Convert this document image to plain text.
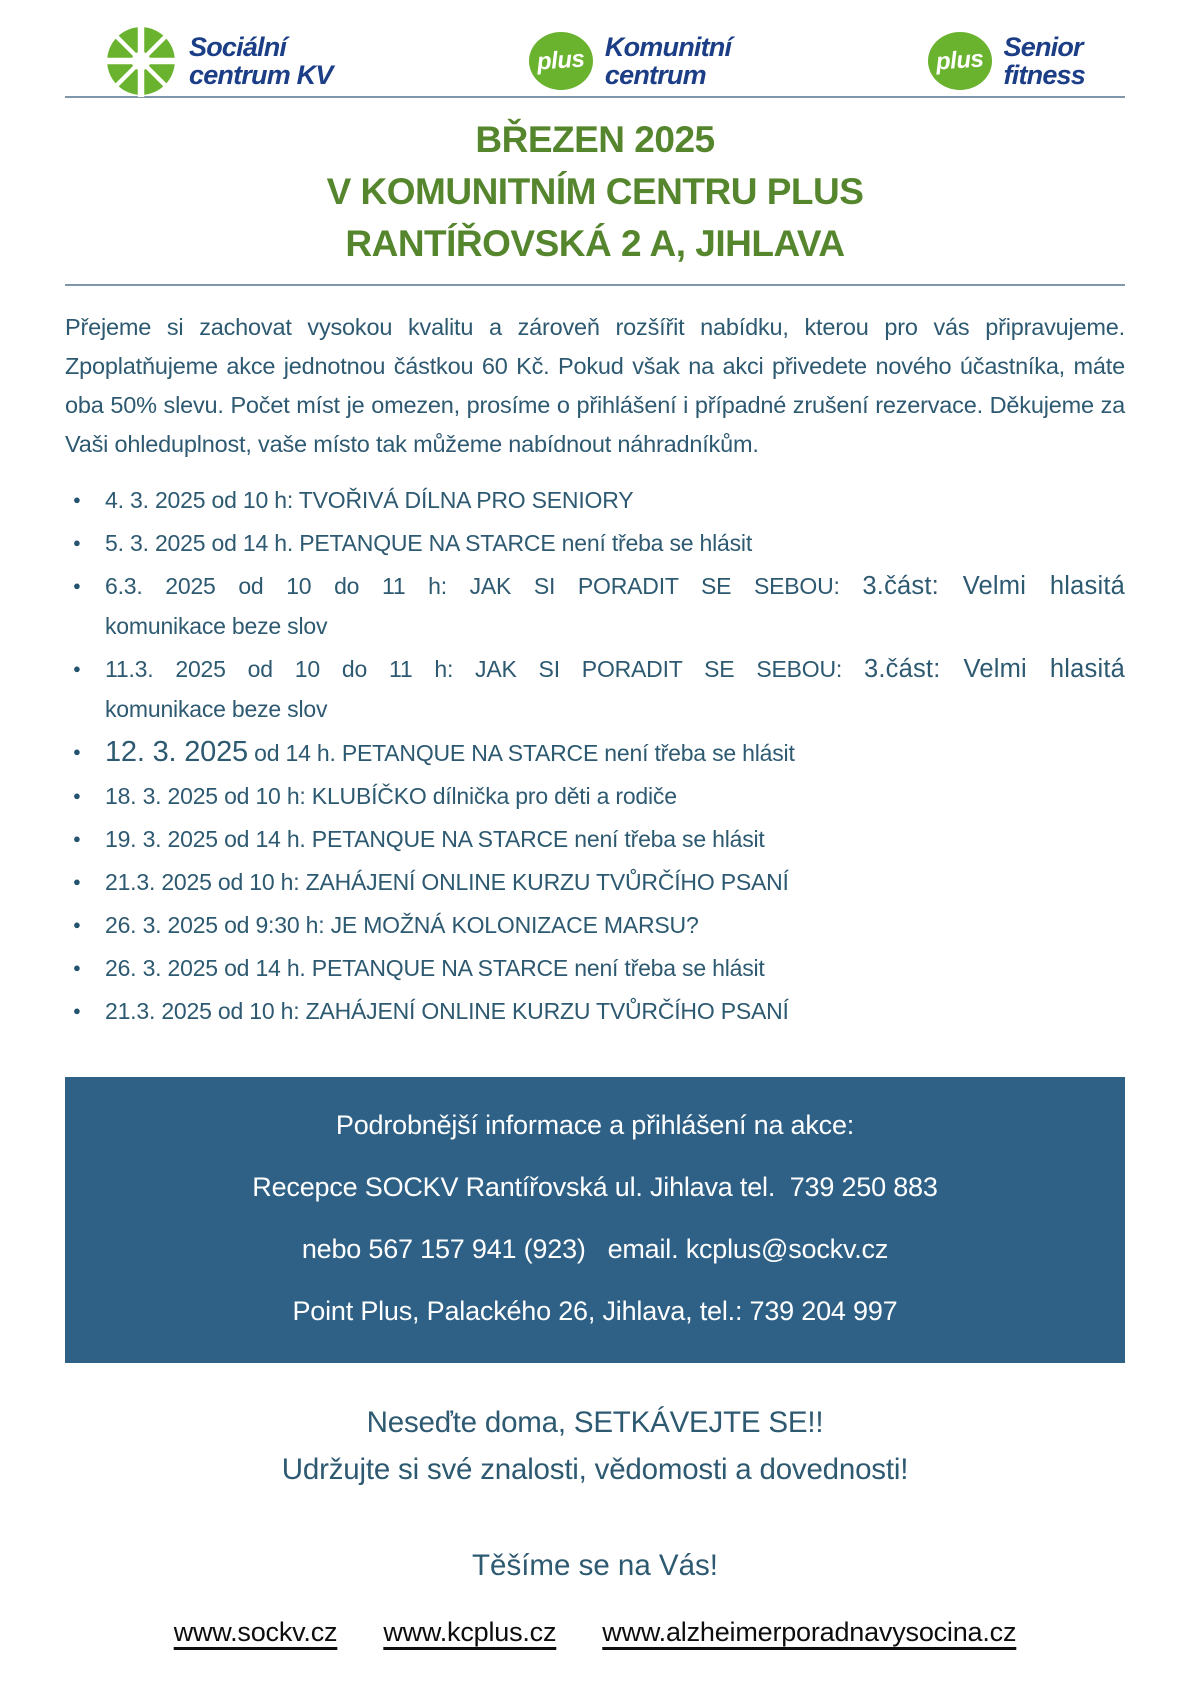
Sociální
centrum KV	plus Komunitní
centrum	plus Senior
fitness
BŘEZEN 2025
V KOMUNITNÍM CENTRU PLUS
RANTÍŘOVSKÁ 2 A, JIHLAVA

Přejeme si zachovat vysokou kvalitu a zároveň rozšířit nabídku, kterou pro vás připravujeme. Zpoplatňujeme akce jednotnou částkou 60 Kč. Pokud však na akci přivedete nového účastníka, máte oba 50% slevu. Počet míst je omezen, prosíme o přihlášení i případné zrušení rezervace. Děkujeme za Vaši ohleduplnost, vaše místo tak můžeme nabídnout náhradníkům.

● 4. 3. 2025 od 10 h: TVOŘIVÁ DÍLNA PRO SENIORY
● 5. 3. 2025 od 14 h. PETANQUE NA STARCE není třeba se hlásit
● 6.3. 2025 od 10 do 11 h: JAK SI PORADIT SE SEBOU: 3.část: Velmi hlasitá
komunikace beze slov
● 11.3. 2025 od 10 do 11 h: JAK SI PORADIT SE SEBOU: 3.část: Velmi hlasitá
komunikace beze slov
● 12. 3. 2025 od 14 h. PETANQUE NA STARCE není třeba se hlásit
● 18. 3. 2025 od 10 h: KLUBÍČKO dílnička pro děti a rodiče
● 19. 3. 2025 od 14 h. PETANQUE NA STARCE není třeba se hlásit
● 21.3. 2025 od 10 h: ZAHÁJENÍ ONLINE KURZU TVŮRČÍHO PSANÍ
● 26. 3. 2025 od 9:30 h: JE MOŽNÁ KOLONIZACE MARSU?
● 26. 3. 2025 od 14 h. PETANQUE NA STARCE není třeba se hlásit
● 21.3. 2025 od 10 h: ZAHÁJENÍ ONLINE KURZU TVŮRČÍHO PSANÍ
Podrobnější informace a přihlášení na akce:
Recepce SOCKV Rantířovská ul. Jihlava tel.  739 250 883
nebo 567 157 941 (923)   email. kcplus@sockv.cz
Point Plus, Palackého 26, Jihlava, tel.: 739 204 997
Neseďte doma, SETKÁVEJTE SE!!
Udržujte si své znalosti, vědomosti a dovednosti!
Těšíme se na Vás!
www.sockv.cz www.kcplus.cz www.alzheimerporadnavysocina.cz
